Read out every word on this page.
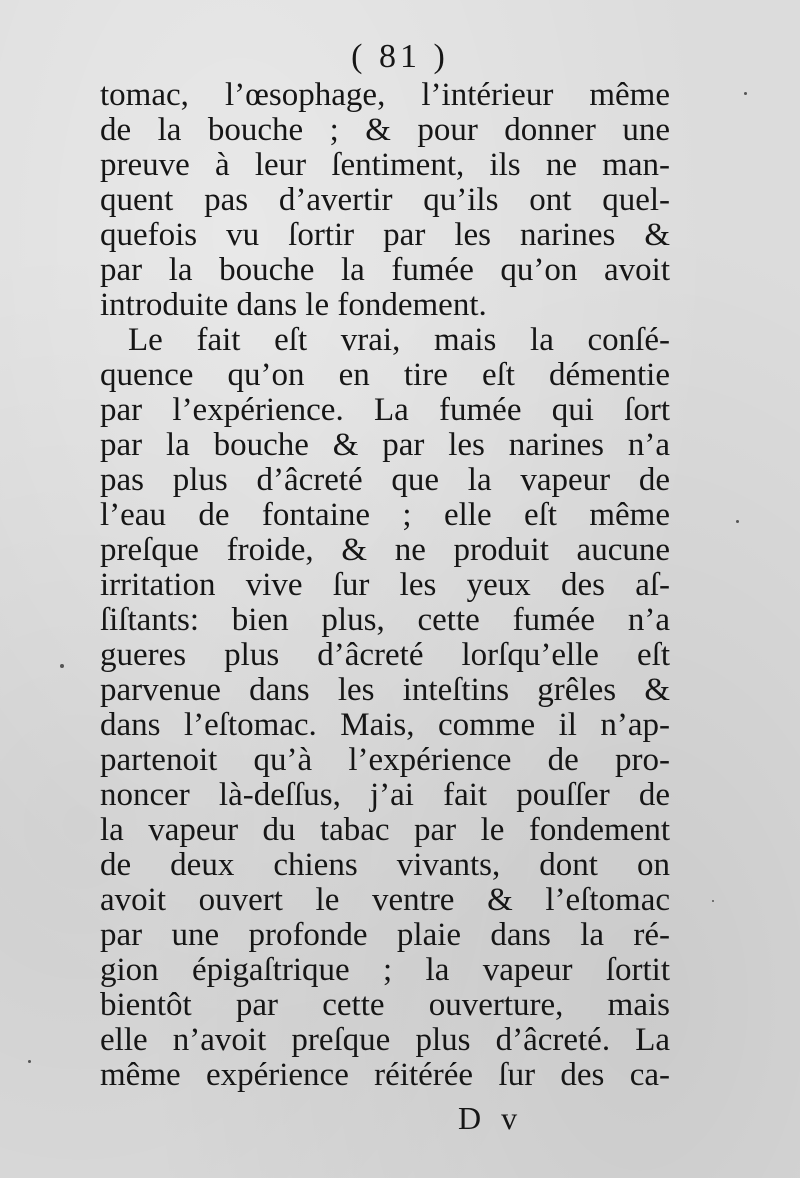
( 81 )
tomac, l’œsophage, l’intérieur même
de la bouche ; & pour donner une
preuve à leur ſentiment, ils ne man-
quent pas d’avertir qu’ils ont quel-
quefois vu ſortir par les narines &
par la bouche la fumée qu’on avoit
introduite dans le fondement.
Le fait eſt vrai, mais la conſé-
quence qu’on en tire eſt démentie
par l’expérience. La fumée qui ſort
par la bouche & par les narines n’a
pas plus d’âcreté que la vapeur de
l’eau de fontaine ; elle eſt même
preſque froide, & ne produit aucune
irritation vive ſur les yeux des aſ-
ſiſtants: bien plus, cette fumée n’a
gueres plus d’âcreté lorſqu’elle eſt
parvenue dans les inteſtins grêles &
dans l’eſtomac. Mais, comme il n’ap-
partenoit qu’à l’expérience de pro-
noncer là-deſſus, j’ai fait pouſſer de
la vapeur du tabac par le fondement
de deux chiens vivants, dont on
avoit ouvert le ventre & l’eſtomac
par une profonde plaie dans la ré-
gion épigaſtrique ; la vapeur ſortit
bientôt par cette ouverture, mais
elle n’avoit preſque plus d’âcreté. La
même expérience réitérée ſur des ca-
D v
